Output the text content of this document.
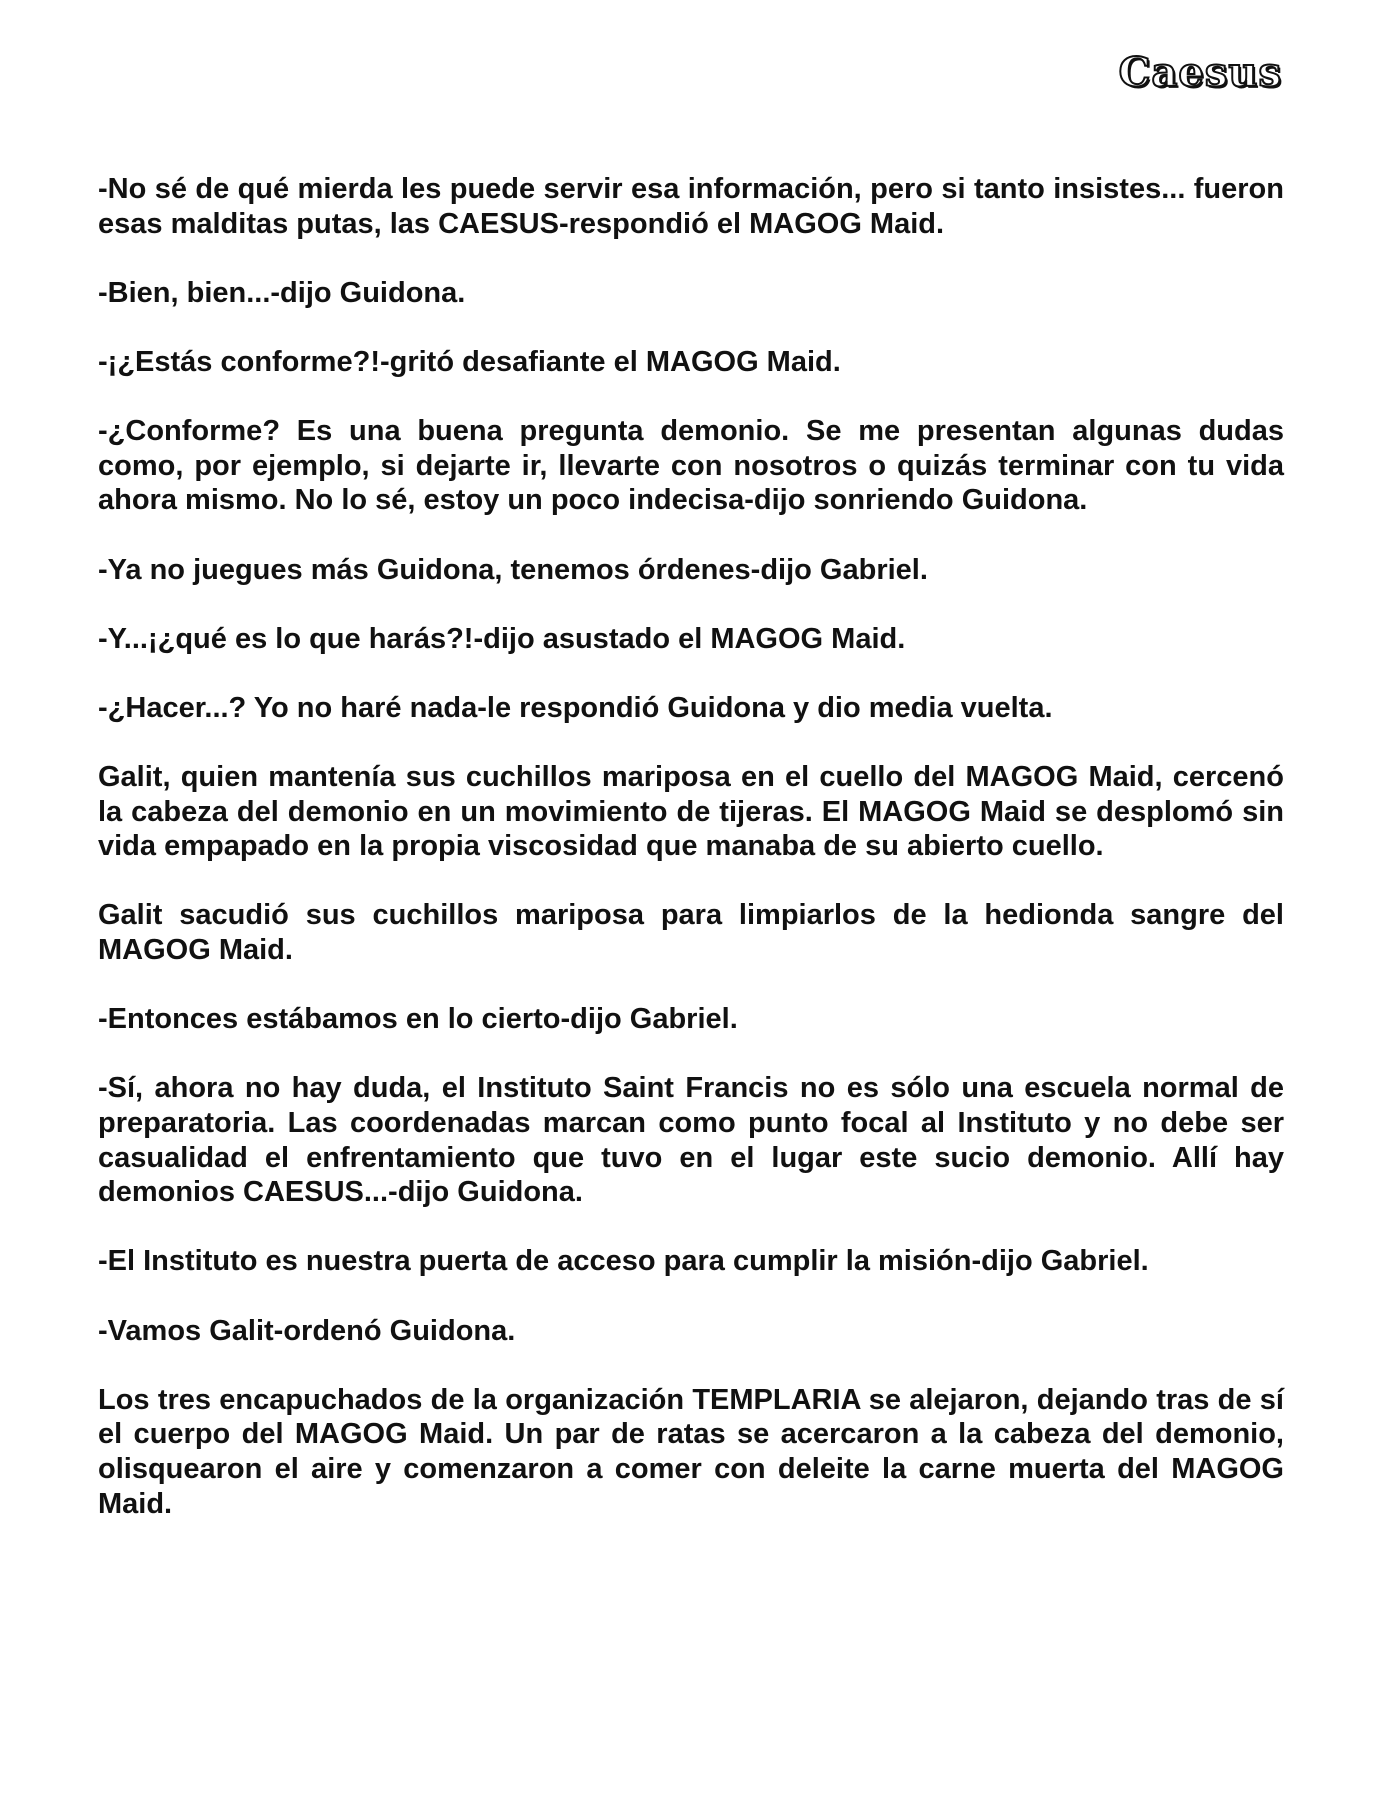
Caesus

-No sé de qué mierda les puede servir esa información, pero si tanto insistes... fueron esas malditas putas, las CAESUS-respondió el MAGOG Maid.

-Bien, bien...-dijo Guidona.

-¡¿Estás conforme?!-gritó desafiante el MAGOG Maid.

-¿Conforme? Es una buena pregunta demonio. Se me presentan algunas dudas como, por ejemplo, si dejarte ir, llevarte con nosotros o quizás terminar con tu vida ahora mismo. No lo sé, estoy un poco indecisa-dijo sonriendo Guidona.

-Ya no juegues más Guidona, tenemos órdenes-dijo Gabriel.

-Y...¡¿qué es lo que harás?!-dijo asustado el MAGOG Maid.

-¿Hacer...? Yo no haré nada-le respondió Guidona y dio media vuelta.

Galit, quien mantenía sus cuchillos mariposa en el cuello del MAGOG Maid, cercenó la cabeza del demonio en un movimiento de tijeras. El MAGOG Maid se desplomó sin vida empapado en la propia viscosidad que manaba de su abierto cuello.

Galit sacudió sus cuchillos mariposa para limpiarlos de la hedionda sangre del MAGOG Maid.

-Entonces estábamos en lo cierto-dijo Gabriel.

-Sí, ahora no hay duda, el Instituto Saint Francis no es sólo una escuela normal de preparatoria. Las coordenadas marcan como punto focal al Instituto y no debe ser casualidad el enfrentamiento que tuvo en el lugar este sucio demonio. Allí hay demonios CAESUS...-dijo Guidona.

-El Instituto es nuestra puerta de acceso para cumplir la misión-dijo Gabriel.

-Vamos Galit-ordenó Guidona.

Los tres encapuchados de la organización TEMPLARIA se alejaron, dejando tras de sí el cuerpo del MAGOG Maid. Un par de ratas se acercaron a la cabeza del demonio, olisquearon el aire y comenzaron a comer con deleite la carne muerta del MAGOG Maid.
